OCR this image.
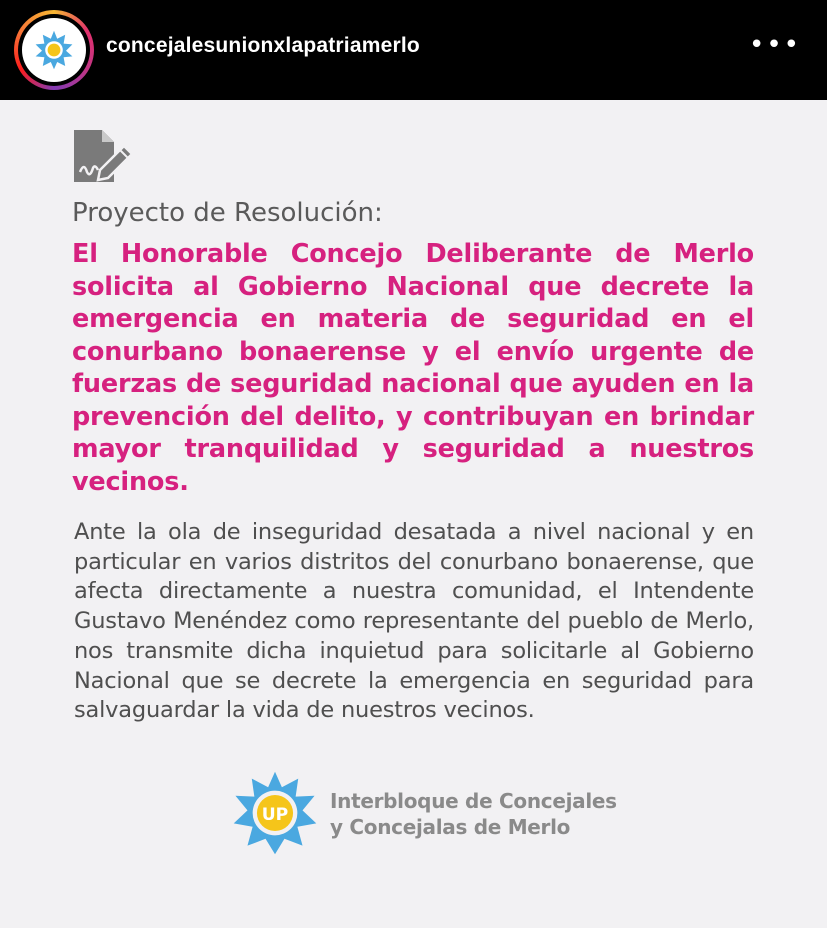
concejalesunionxlapatriamerlo	•••
Proyecto de Resolución:
El Honorable Concejo Deliberante de Merlo solicita al Gobierno Nacional que decrete la emergencia en materia de seguridad en el conurbano bonaerense y el envío urgente de fuerzas de seguridad nacional que ayuden en la prevención del delito, y contribuyan en brindar mayor tranquilidad y seguridad a nuestros vecinos.
Ante la ola de inseguridad desatada a nivel nacional y en particular en varios distritos del conurbano bonaerense, que afecta directamente a nuestra comunidad, el Intendente Gustavo Menéndez como representante del pueblo de Merlo, nos transmite dicha inquietud para solicitarle al Gobierno Nacional que se decrete la emergencia en seguridad para salvaguardar la vida de nuestros vecinos.
UP
Interbloque de Concejales
y Concejalas de Merlo
